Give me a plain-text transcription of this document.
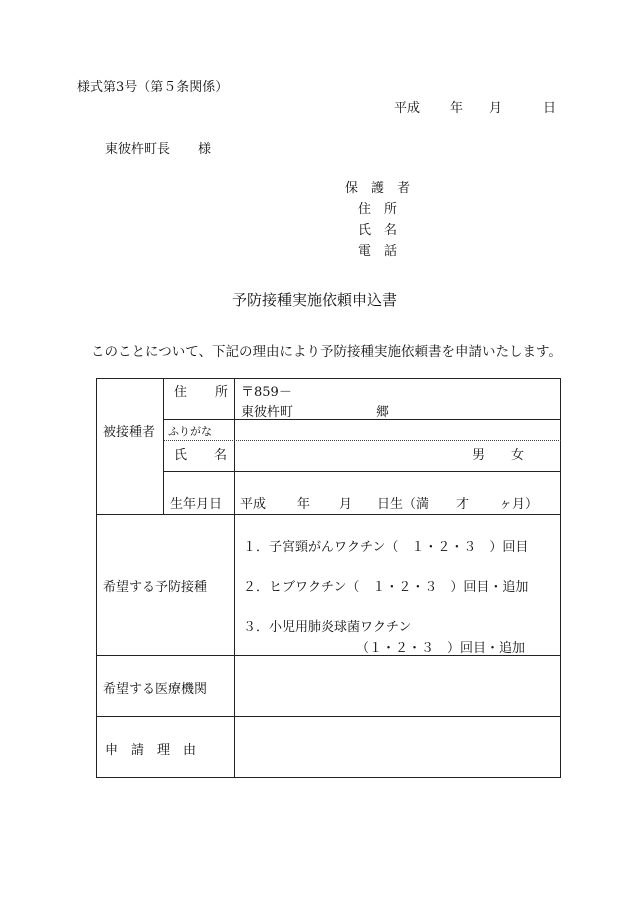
様式第3号（第５条関係）
平成 年 月	日
東彼杵町長 様
保　護　者
住　所
氏　名
電　話
予防接種実施依頼申込書
このことについて、下記の理由により予防接種実施依頼書を申請いたします。
被接種者
住 所 〒859－
東彼杵町	郷
ふりがな
氏 名	男 女
生年月日 平成 年 月 日生（満 才 ヶ月）
希望する予防接種
１．子宮頸がんワクチン（　１・２・３　）回目
２．ヒブワクチン（　１・２・３　）回目・追加
３．小児用肺炎球菌ワクチン
（１・２・３　）回目・追加
希望する医療機関
申　請　理　由
